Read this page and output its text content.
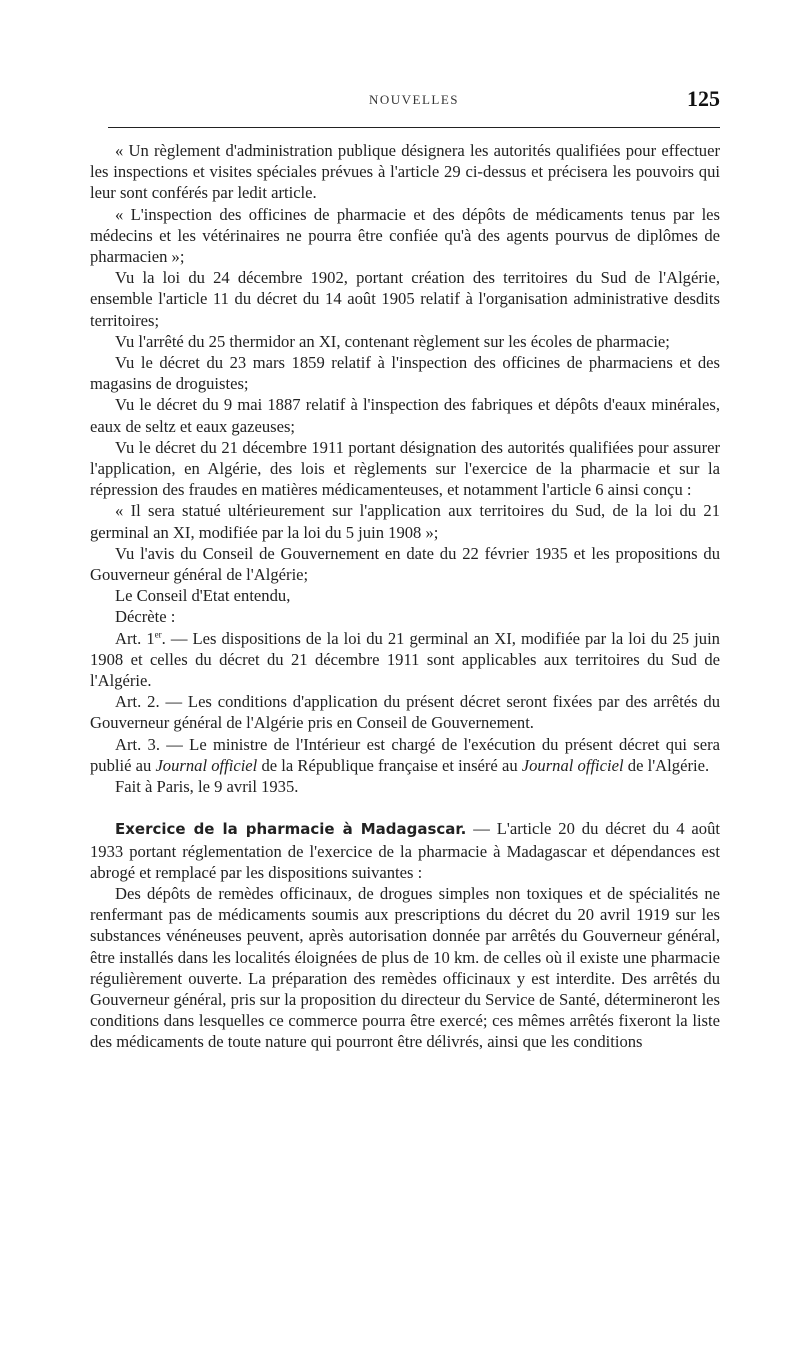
NOUVELLES	125

« Un règlement d'administration publique désignera les autorités qualifiées pour effectuer les inspections et visites spéciales prévues à l'article 29 ci-dessus et précisera les pouvoirs qui leur sont conférés par ledit article.

« L'inspection des officines de pharmacie et des dépôts de médicaments tenus par les médecins et les vétérinaires ne pourra être confiée qu'à des agents pourvus de diplômes de pharmacien »;

Vu la loi du 24 décembre 1902, portant création des territoires du Sud de l'Algérie, ensemble l'article 11 du décret du 14 août 1905 relatif à l'organisation administrative desdits territoires;

Vu l'arrêté du 25 thermidor an XI, contenant règlement sur les écoles de pharmacie;

Vu le décret du 23 mars 1859 relatif à l'inspection des officines de pharmaciens et des magasins de droguistes;

Vu le décret du 9 mai 1887 relatif à l'inspection des fabriques et dépôts d'eaux minérales, eaux de seltz et eaux gazeuses;

Vu le décret du 21 décembre 1911 portant désignation des autorités qualifiées pour assurer l'application, en Algérie, des lois et règlements sur l'exercice de la pharmacie et sur la répression des fraudes en matières médicamenteuses, et notamment l'article 6 ainsi conçu :

« Il sera statué ultérieurement sur l'application aux territoires du Sud, de la loi du 21 germinal an XI, modifiée par la loi du 5 juin 1908 »;

Vu l'avis du Conseil de Gouvernement en date du 22 février 1935 et les propositions du Gouverneur général de l'Algérie;

Le Conseil d'Etat entendu,

Décrète :

Art. 1er. — Les dispositions de la loi du 21 germinal an XI, modifiée par la loi du 25 juin 1908 et celles du décret du 21 décembre 1911 sont applicables aux territoires du Sud de l'Algérie.

Art. 2. — Les conditions d'application du présent décret seront fixées par des arrêtés du Gouverneur général de l'Algérie pris en Conseil de Gouvernement.

Art. 3. — Le ministre de l'Intérieur est chargé de l'exécution du présent décret qui sera publié au Journal officiel de la République française et inséré au Journal officiel de l'Algérie.

Fait à Paris, le 9 avril 1935.

Exercice de la pharmacie à Madagascar. — L'article 20 du décret du 4 août 1933 portant réglementation de l'exercice de la pharmacie à Madagascar et dépendances est abrogé et remplacé par les dispositions suivantes :

Des dépôts de remèdes officinaux, de drogues simples non toxiques et de spécialités ne renfermant pas de médicaments soumis aux prescriptions du décret du 20 avril 1919 sur les substances vénéneuses peuvent, après autorisation donnée par arrêtés du Gouverneur général, être installés dans les localités éloignées de plus de 10 km. de celles où il existe une pharmacie régulièrement ouverte. La préparation des remèdes officinaux y est interdite. Des arrêtés du Gouverneur général, pris sur la proposition du directeur du Service de Santé, détermineront les conditions dans lesquelles ce commerce pourra être exercé; ces mêmes arrêtés fixeront la liste des médicaments de toute nature qui pourront être délivrés, ainsi que les conditions
